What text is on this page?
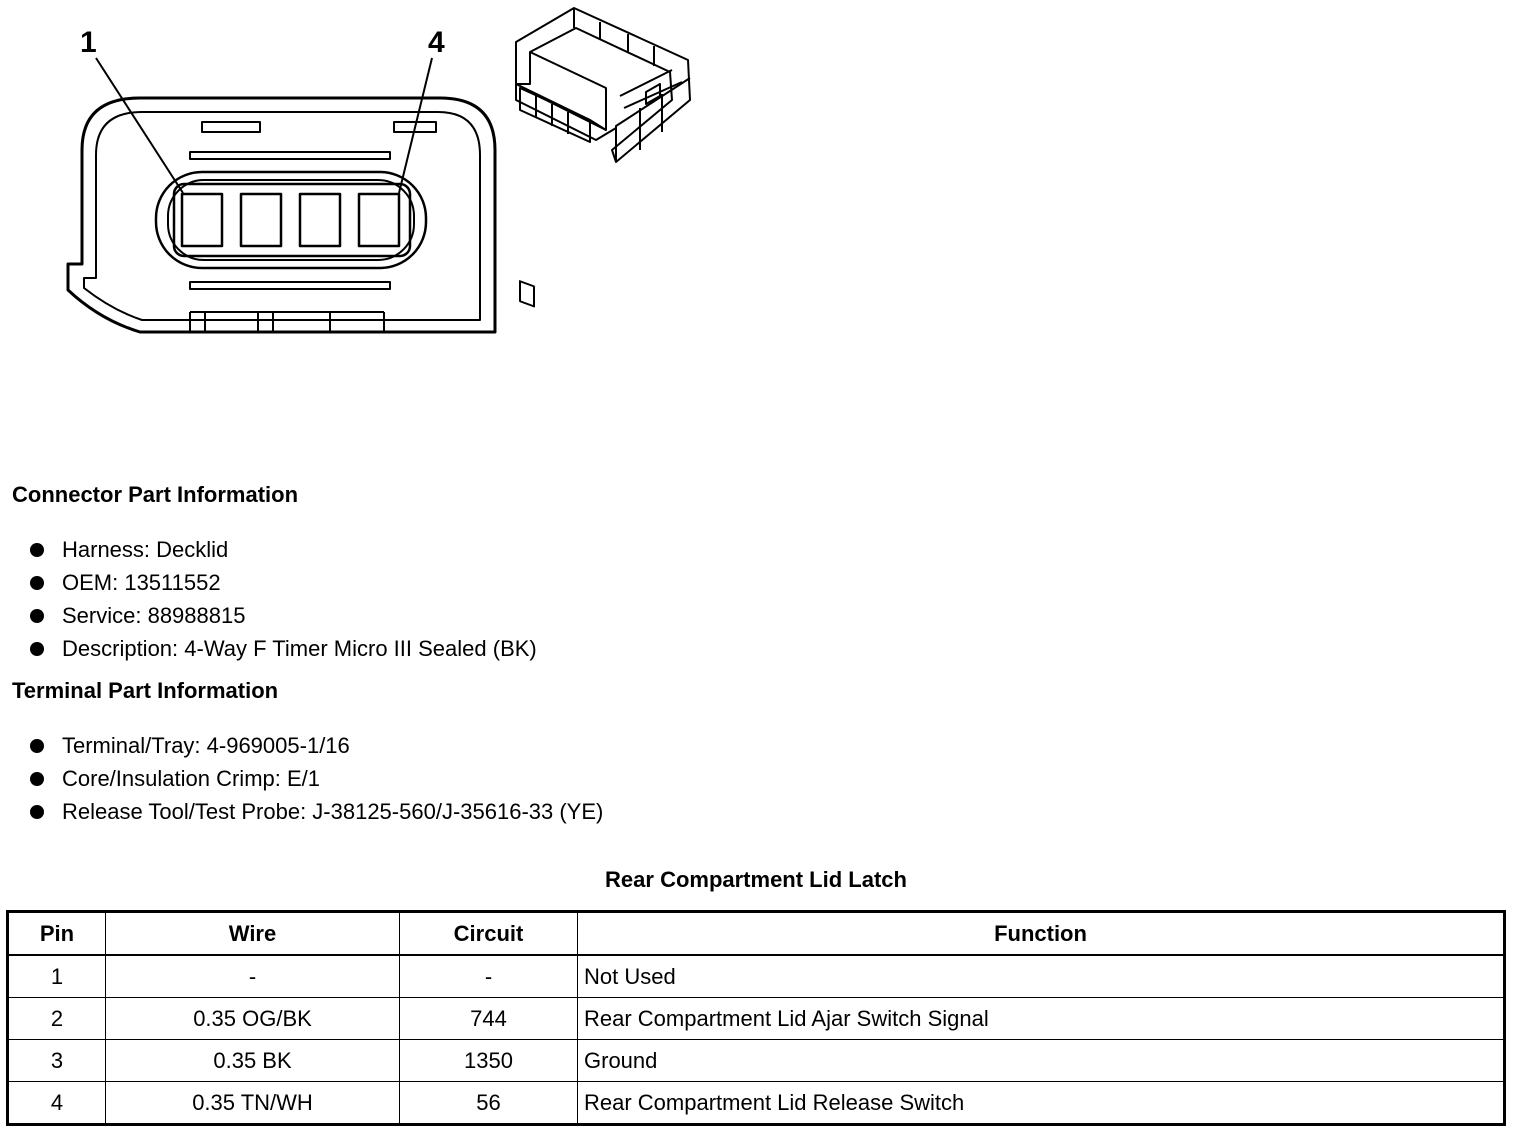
1	4
Connector Part Information
Harness: Decklid
OEM: 13511552
Service: 88988815
Description: 4-Way F Timer Micro III Sealed (BK)
Terminal Part Information
Terminal/Tray: 4-969005-1/16
Core/Insulation Crimp: E/1
Release Tool/Test Probe: J-38125-560/J-35616-33 (YE)
Rear Compartment Lid Latch
Pin	Wire	Circuit	Function
1	-	-	Not Used
2	0.35 OG/BK	744	Rear Compartment Lid Ajar Switch Signal
3	0.35 BK	1350	Ground
4	0.35 TN/WH	56	Rear Compartment Lid Release Switch
